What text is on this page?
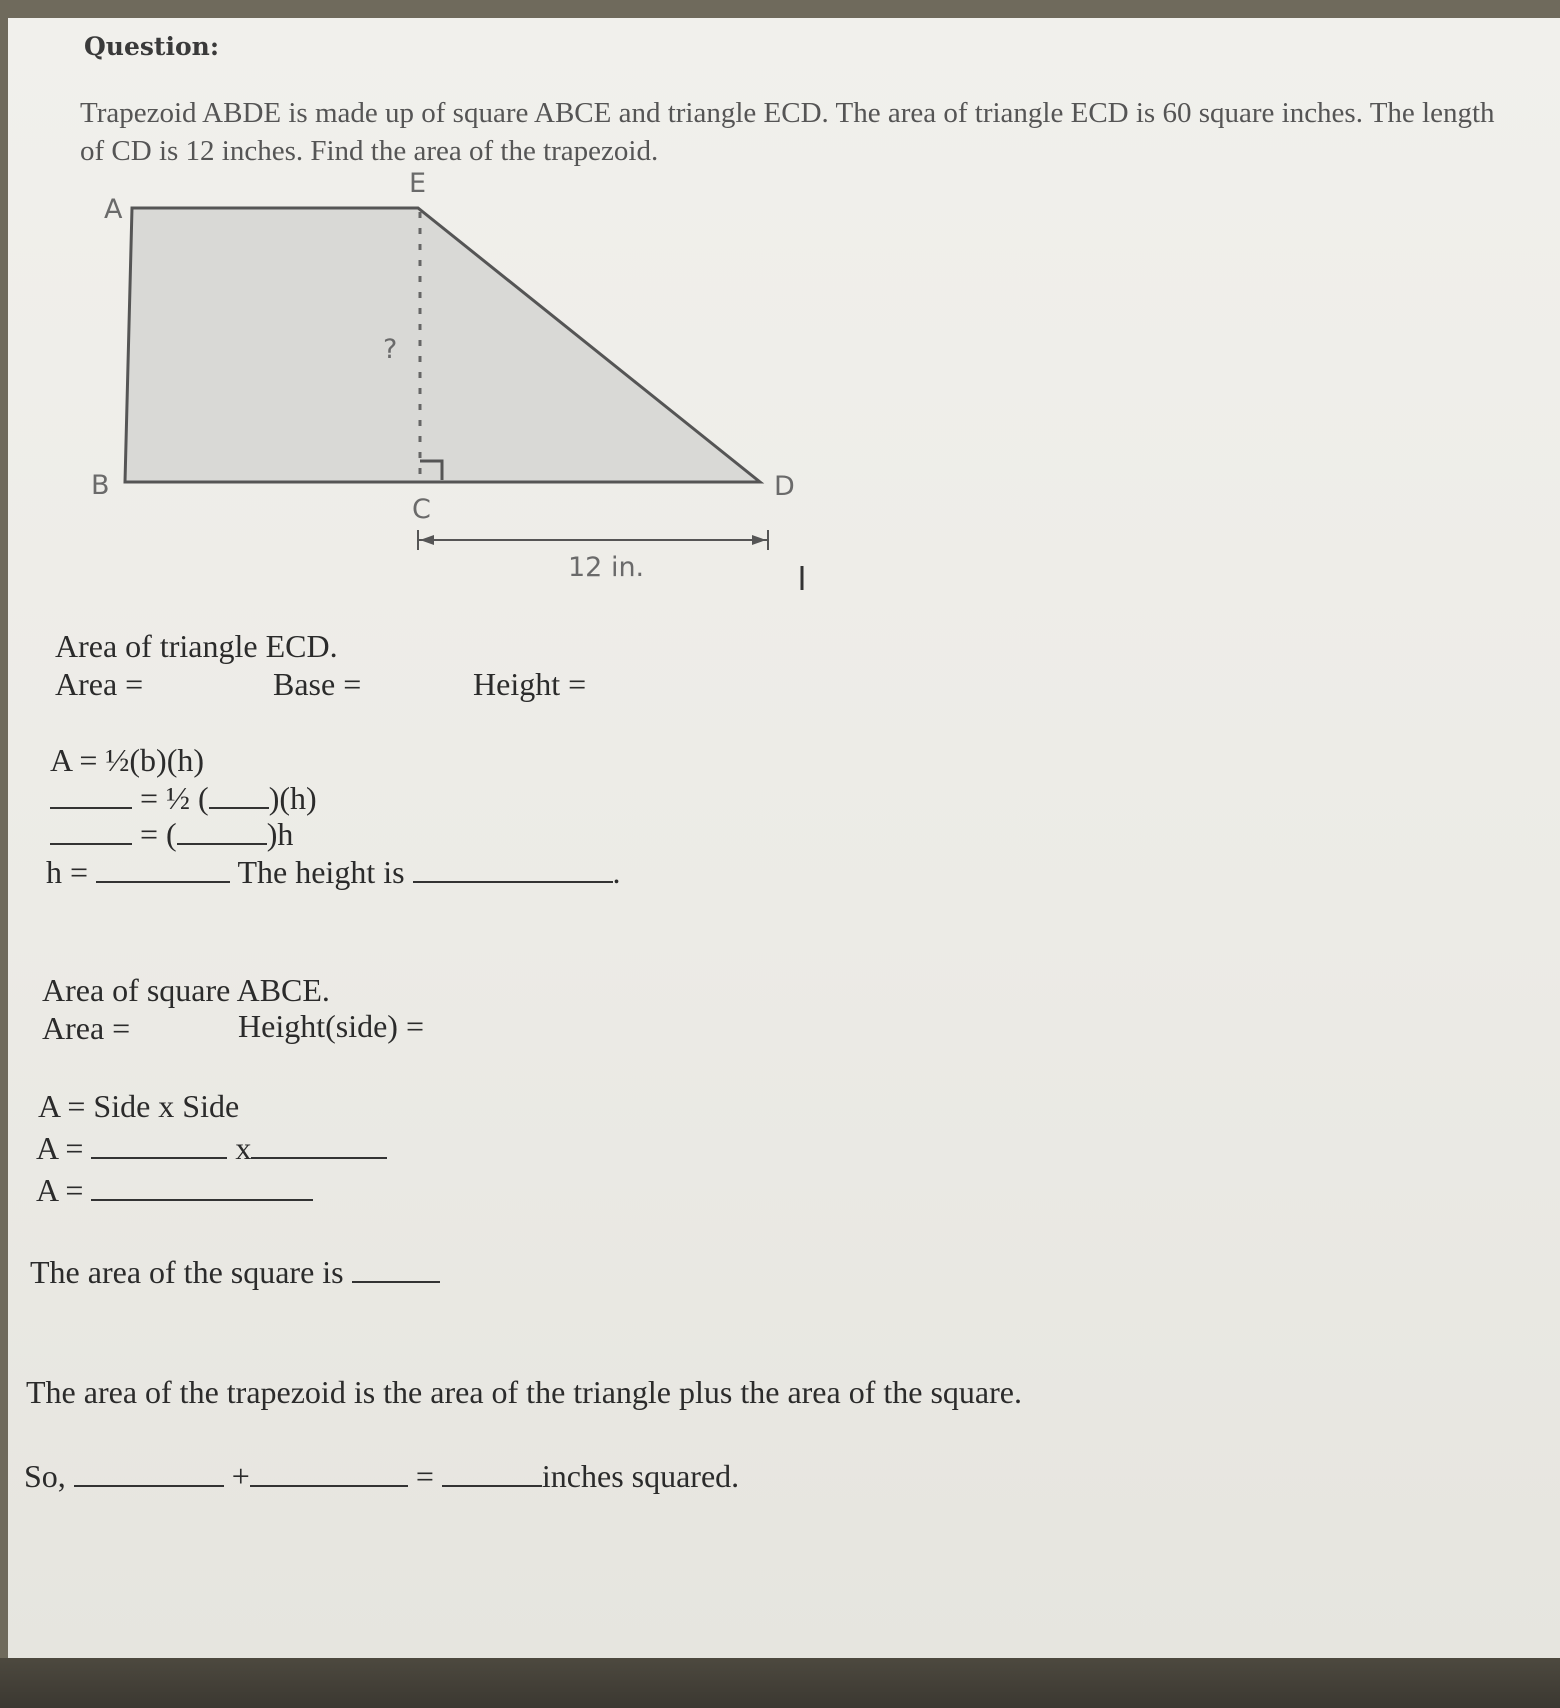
Question:
Trapezoid ABDE is made up of square ABCE and triangle ECD. The area of triangle ECD is 60 square inches. The length of CD is 12 inches. Find the area of the trapezoid.
A
E
B
C
D
?
12 in.
Area of triangle ECD.
Area =	Base =	Height =
A = ½(b)(h)
= ½ ( )(h)
= (	)h
h =	The height is	.
Area of square ABCE.
Area =	Height(side) =
A = Side x Side
A =	x
A =
The area of the square is
The area of the trapezoid is the area of the triangle plus the area of the square.
So,	+	=	inches squared.
